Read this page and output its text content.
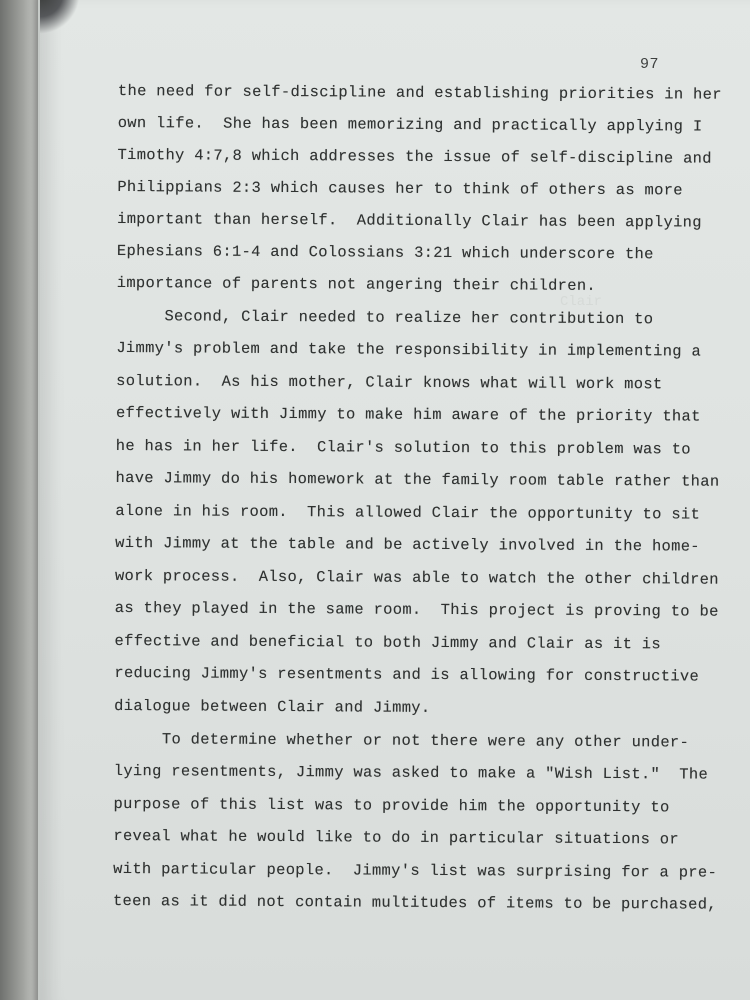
Clair
97
the need for self-discipline and establishing priorities in her
own life.  She has been memorizing and practically applying I
Timothy 4:7,8 which addresses the issue of self-discipline and
Philippians 2:3 which causes her to think of others as more
important than herself.  Additionally Clair has been applying
Ephesians 6:1-4 and Colossians 3:21 which underscore the
importance of parents not angering their children.
Second, Clair needed to realize her contribution to
Jimmy's problem and take the responsibility in implementing a
solution.  As his mother, Clair knows what will work most
effectively with Jimmy to make him aware of the priority that
he has in her life.  Clair's solution to this problem was to
have Jimmy do his homework at the family room table rather than
alone in his room.  This allowed Clair the opportunity to sit
with Jimmy at the table and be actively involved in the home-
work process.  Also, Clair was able to watch the other children
as they played in the same room.  This project is proving to be
effective and beneficial to both Jimmy and Clair as it is
reducing Jimmy's resentments and is allowing for constructive
dialogue between Clair and Jimmy.
To determine whether or not there were any other under-
lying resentments, Jimmy was asked to make a "Wish List."  The
purpose of this list was to provide him the opportunity to
reveal what he would like to do in particular situations or
with particular people.  Jimmy's list was surprising for a pre-
teen as it did not contain multitudes of items to be purchased,
